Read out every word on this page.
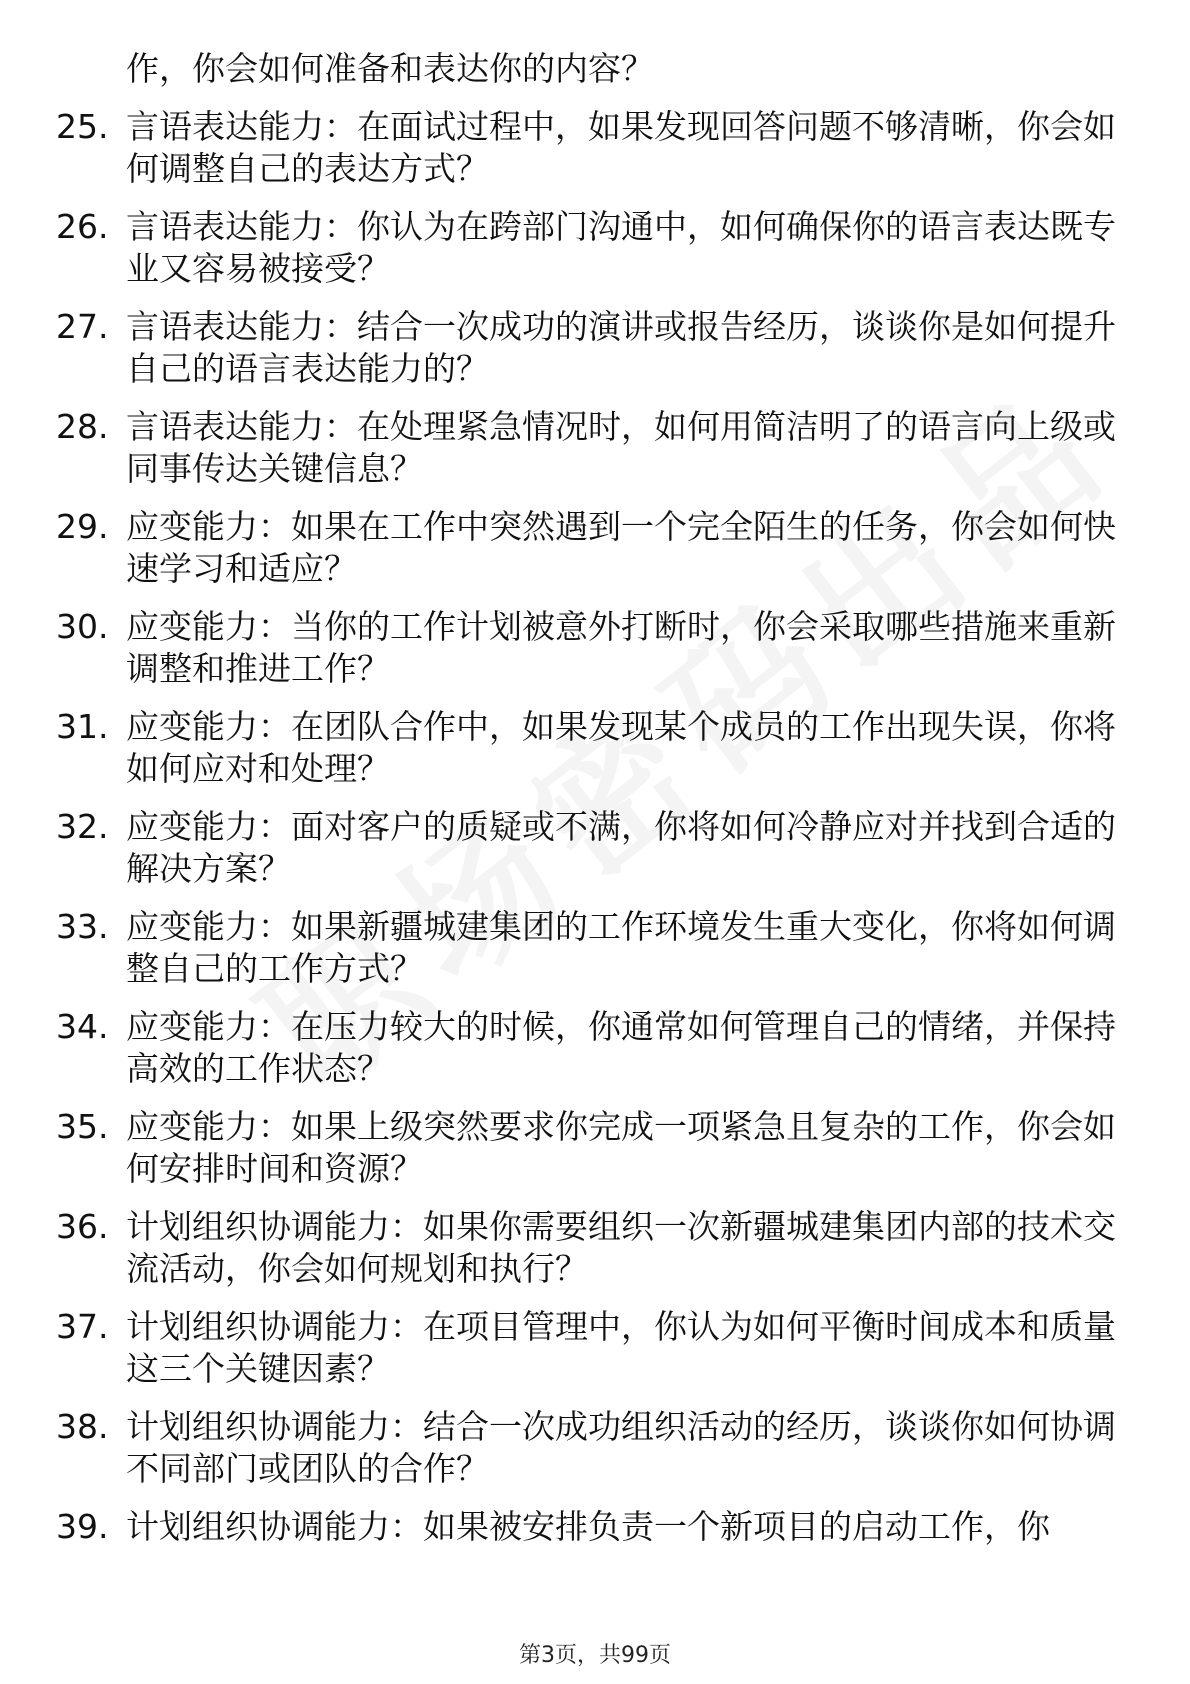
作，你会如何准备和表达你的内容？
25. 言语表达能力：在面试过程中，如果发现回答问题不够清晰，你会如何调整自己的表达方式？
26. 言语表达能力：你认为在跨部门沟通中，如何确保你的语言表达既专业又容易被接受？
27. 言语表达能力：结合一次成功的演讲或报告经历，谈谈你是如何提升自己的语言表达能力的？
28. 言语表达能力：在处理紧急情况时，如何用简洁明了的语言向上级或同事传达关键信息？
29. 应变能力：如果在工作中突然遇到一个完全陌生的任务，你会如何快速学习和适应？
30. 应变能力：当你的工作计划被意外打断时，你会采取哪些措施来重新调整和推进工作？
31. 应变能力：在团队合作中，如果发现某个成员的工作出现失误，你将如何应对和处理？
32. 应变能力：面对客户的质疑或不满，你将如何冷静应对并找到合适的解决方案？
33. 应变能力：如果新疆城建集团的工作环境发生重大变化，你将如何调整自己的工作方式？
34. 应变能力：在压力较大的时候，你通常如何管理自己的情绪，并保持高效的工作状态？
35. 应变能力：如果上级突然要求你完成一项紧急且复杂的工作，你会如何安排时间和资源？
36. 计划组织协调能力：如果你需要组织一次新疆城建集团内部的技术交流活动，你会如何规划和执行？
37. 计划组织协调能力：在项目管理中，你认为如何平衡时间成本和质量这三个关键因素？
38. 计划组织协调能力：结合一次成功组织活动的经历，谈谈你如何协调不同部门或团队的合作？
39. 计划组织协调能力：如果被安排负责一个新项目的启动工作，你
第3页，共99页
